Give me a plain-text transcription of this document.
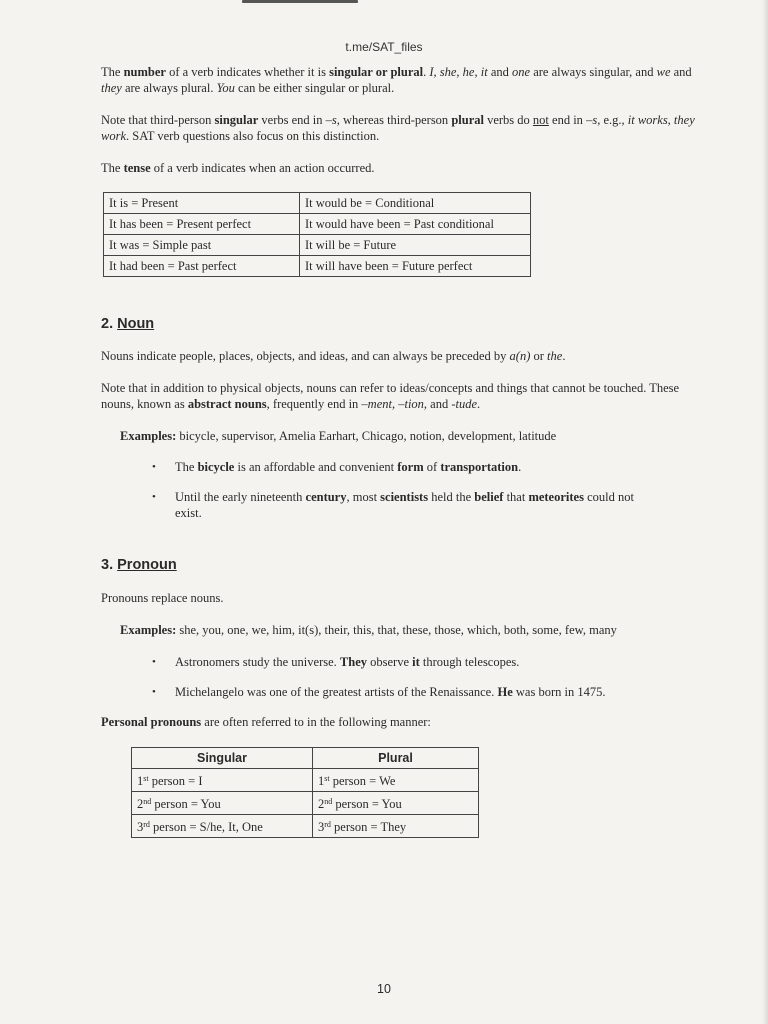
t.me/SAT_files

The number of a verb indicates whether it is singular or plural. I, she, he, it and one are always singular, and we and they are always plural. You can be either singular or plural.

Note that third-person singular verbs end in –s, whereas third-person plural verbs do not end in –s, e.g., it works, they work. SAT verb questions also focus on this distinction.

The tense of a verb indicates when an action occurred.

It is = Present	It would be = Conditional
It has been = Present perfect	It would have been = Past conditional
It was = Simple past	It will be = Future
It had been = Past perfect	It will have been = Future perfect
2. Noun

Nouns indicate people, places, objects, and ideas, and can always be preceded by a(n) or the.

Note that in addition to physical objects, nouns can refer to ideas/concepts and things that cannot be touched. These nouns, known as abstract nouns, frequently end in –ment, –tion, and -tude.

Examples: bicycle, supervisor, Amelia Earhart, Chicago, notion, development, latitude
• The bicycle is an affordable and convenient form of transportation.
• Until the early nineteenth century, most scientists held the belief that meteorites could not exist.
3. Pronoun

Pronouns replace nouns.

Examples: she, you, one, we, him, it(s), their, this, that, these, those, which, both, some, few, many
• Astronomers study the universe. They observe it through telescopes.
• Michelangelo was one of the greatest artists of the Renaissance. He was born in 1475.

Personal pronouns are often referred to in the following manner:

Singular	Plural
1st person = I	1st person = We
2nd person = You	2nd person = You
3rd person = S/he, It, One	3rd person = They
10
